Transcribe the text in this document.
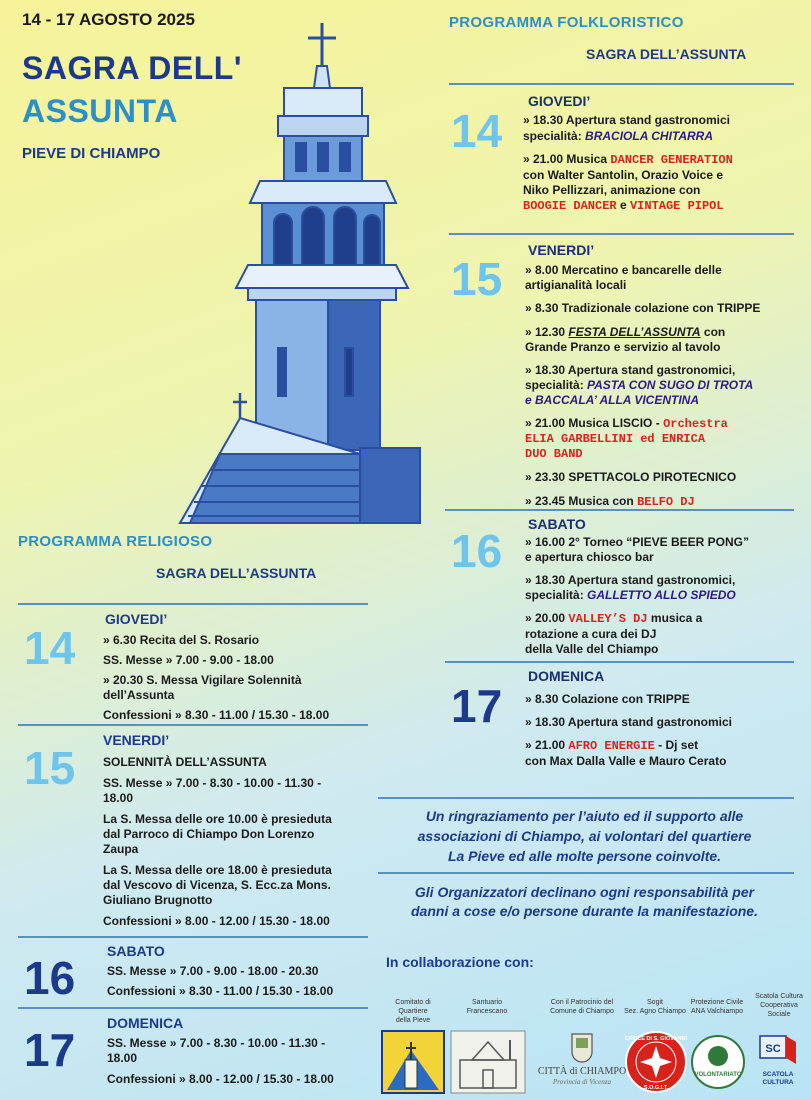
14 - 17 AGOSTO 2025
SAGRA DELL'
ASSUNTA
PIEVE DI CHIAMPO
PROGRAMMA FOLKLORISTICO
SAGRA DELL’ASSUNTA
14
GIOVEDI’
» 18.30 Apertura stand gastronomici
specialità: BRACIOLA CHITARRA
» 21.00 Musica DANCER GENERATION
con Walter Santolin, Orazio Voice e
Niko Pellizzari, animazione con
BOOGIE DANCER e VINTAGE PIPOL
15
VENERDI’
» 8.00 Mercatino e bancarelle delle
artigianalità locali
» 8.30 Tradizionale colazione con TRIPPE
» 12.30 FESTA DELL’ASSUNTA con
Grande Pranzo e servizio al tavolo
» 18.30 Apertura stand gastronomici,
specialità: PASTA CON SUGO DI TROTA
e BACCALA’ ALLA VICENTINA
» 21.00 Musica LISCIO - Orchestra
ELIA GARBELLINI ed ENRICA
DUO BAND
» 23.30 SPETTACOLO PIROTECNICO
» 23.45 Musica con BELFO DJ
16
SABATO
» 16.00 2° Torneo “PIEVE BEER PONG”
e apertura chiosco bar
» 18.30 Apertura stand gastronomici,
specialità: GALLETTO ALLO SPIEDO
» 20.00 VALLEY’S DJ musica a
rotazione a cura dei DJ
della Valle del Chiampo
17
DOMENICA
» 8.30 Colazione con TRIPPE
» 18.30 Apertura stand gastronomici
» 21.00 AFRO ENERGIE - Dj set
con Max Dalla Valle e Mauro Cerato
PROGRAMMA RELIGIOSO
SAGRA DELL’ASSUNTA
14
GIOVEDI’
» 6.30 Recita del S. Rosario
SS. Messe » 7.00 - 9.00 - 18.00
» 20.30 S. Messa Vigilare Solennità
dell’Assunta
Confessioni » 8.30 - 11.00 / 15.30 - 18.00
15
VENERDI’
SOLENNITÀ DELL’ASSUNTA
SS. Messe » 7.00 - 8.30 - 10.00 - 11.30 -
18.00
La S. Messa delle ore 10.00 è presieduta
dal Parroco di Chiampo Don Lorenzo
Zaupa
La S. Messa delle ore 18.00 è presieduta
dal Vescovo di Vicenza, S. Ecc.za Mons.
Giuliano Brugnotto
Confessioni » 8.00 - 12.00 / 15.30 - 18.00
16
SABATO
SS. Messe » 7.00 - 9.00 - 18.00 - 20.30
Confessioni » 8.30 - 11.00 / 15.30 - 18.00
17
DOMENICA
SS. Messe » 7.00 - 8.30 - 10.00 - 11.30 -
18.00
Confessioni » 8.00 - 12.00 / 15.30 - 18.00
Un ringraziamento per l’aiuto ed il supporto alle
associazioni di Chiampo, ai volontari del quartiere
La Pieve ed alle molte persone coinvolte.
Gli Organizzatori declinano ogni responsabilità per
danni a cose e/o persone durante la manifestazione.
In collaborazione con:
Comitato di Quartiere
della Pieve
Santuario
Francescano
Con il Patrocinio del
Comune di Chiampo
Sogit
Sez. Agno Chiampo
Protezione Civile
ANA Valchiampo
Scatola Cultura
Cooperativa
Sociale
CITTÀ di CHIAMPO
Provincia di Vicenza
CROCE DI S. GIOVANNI
S.O.G.I.T.
VOLONTARIATO
SC
SCATOLA
CULTURA
